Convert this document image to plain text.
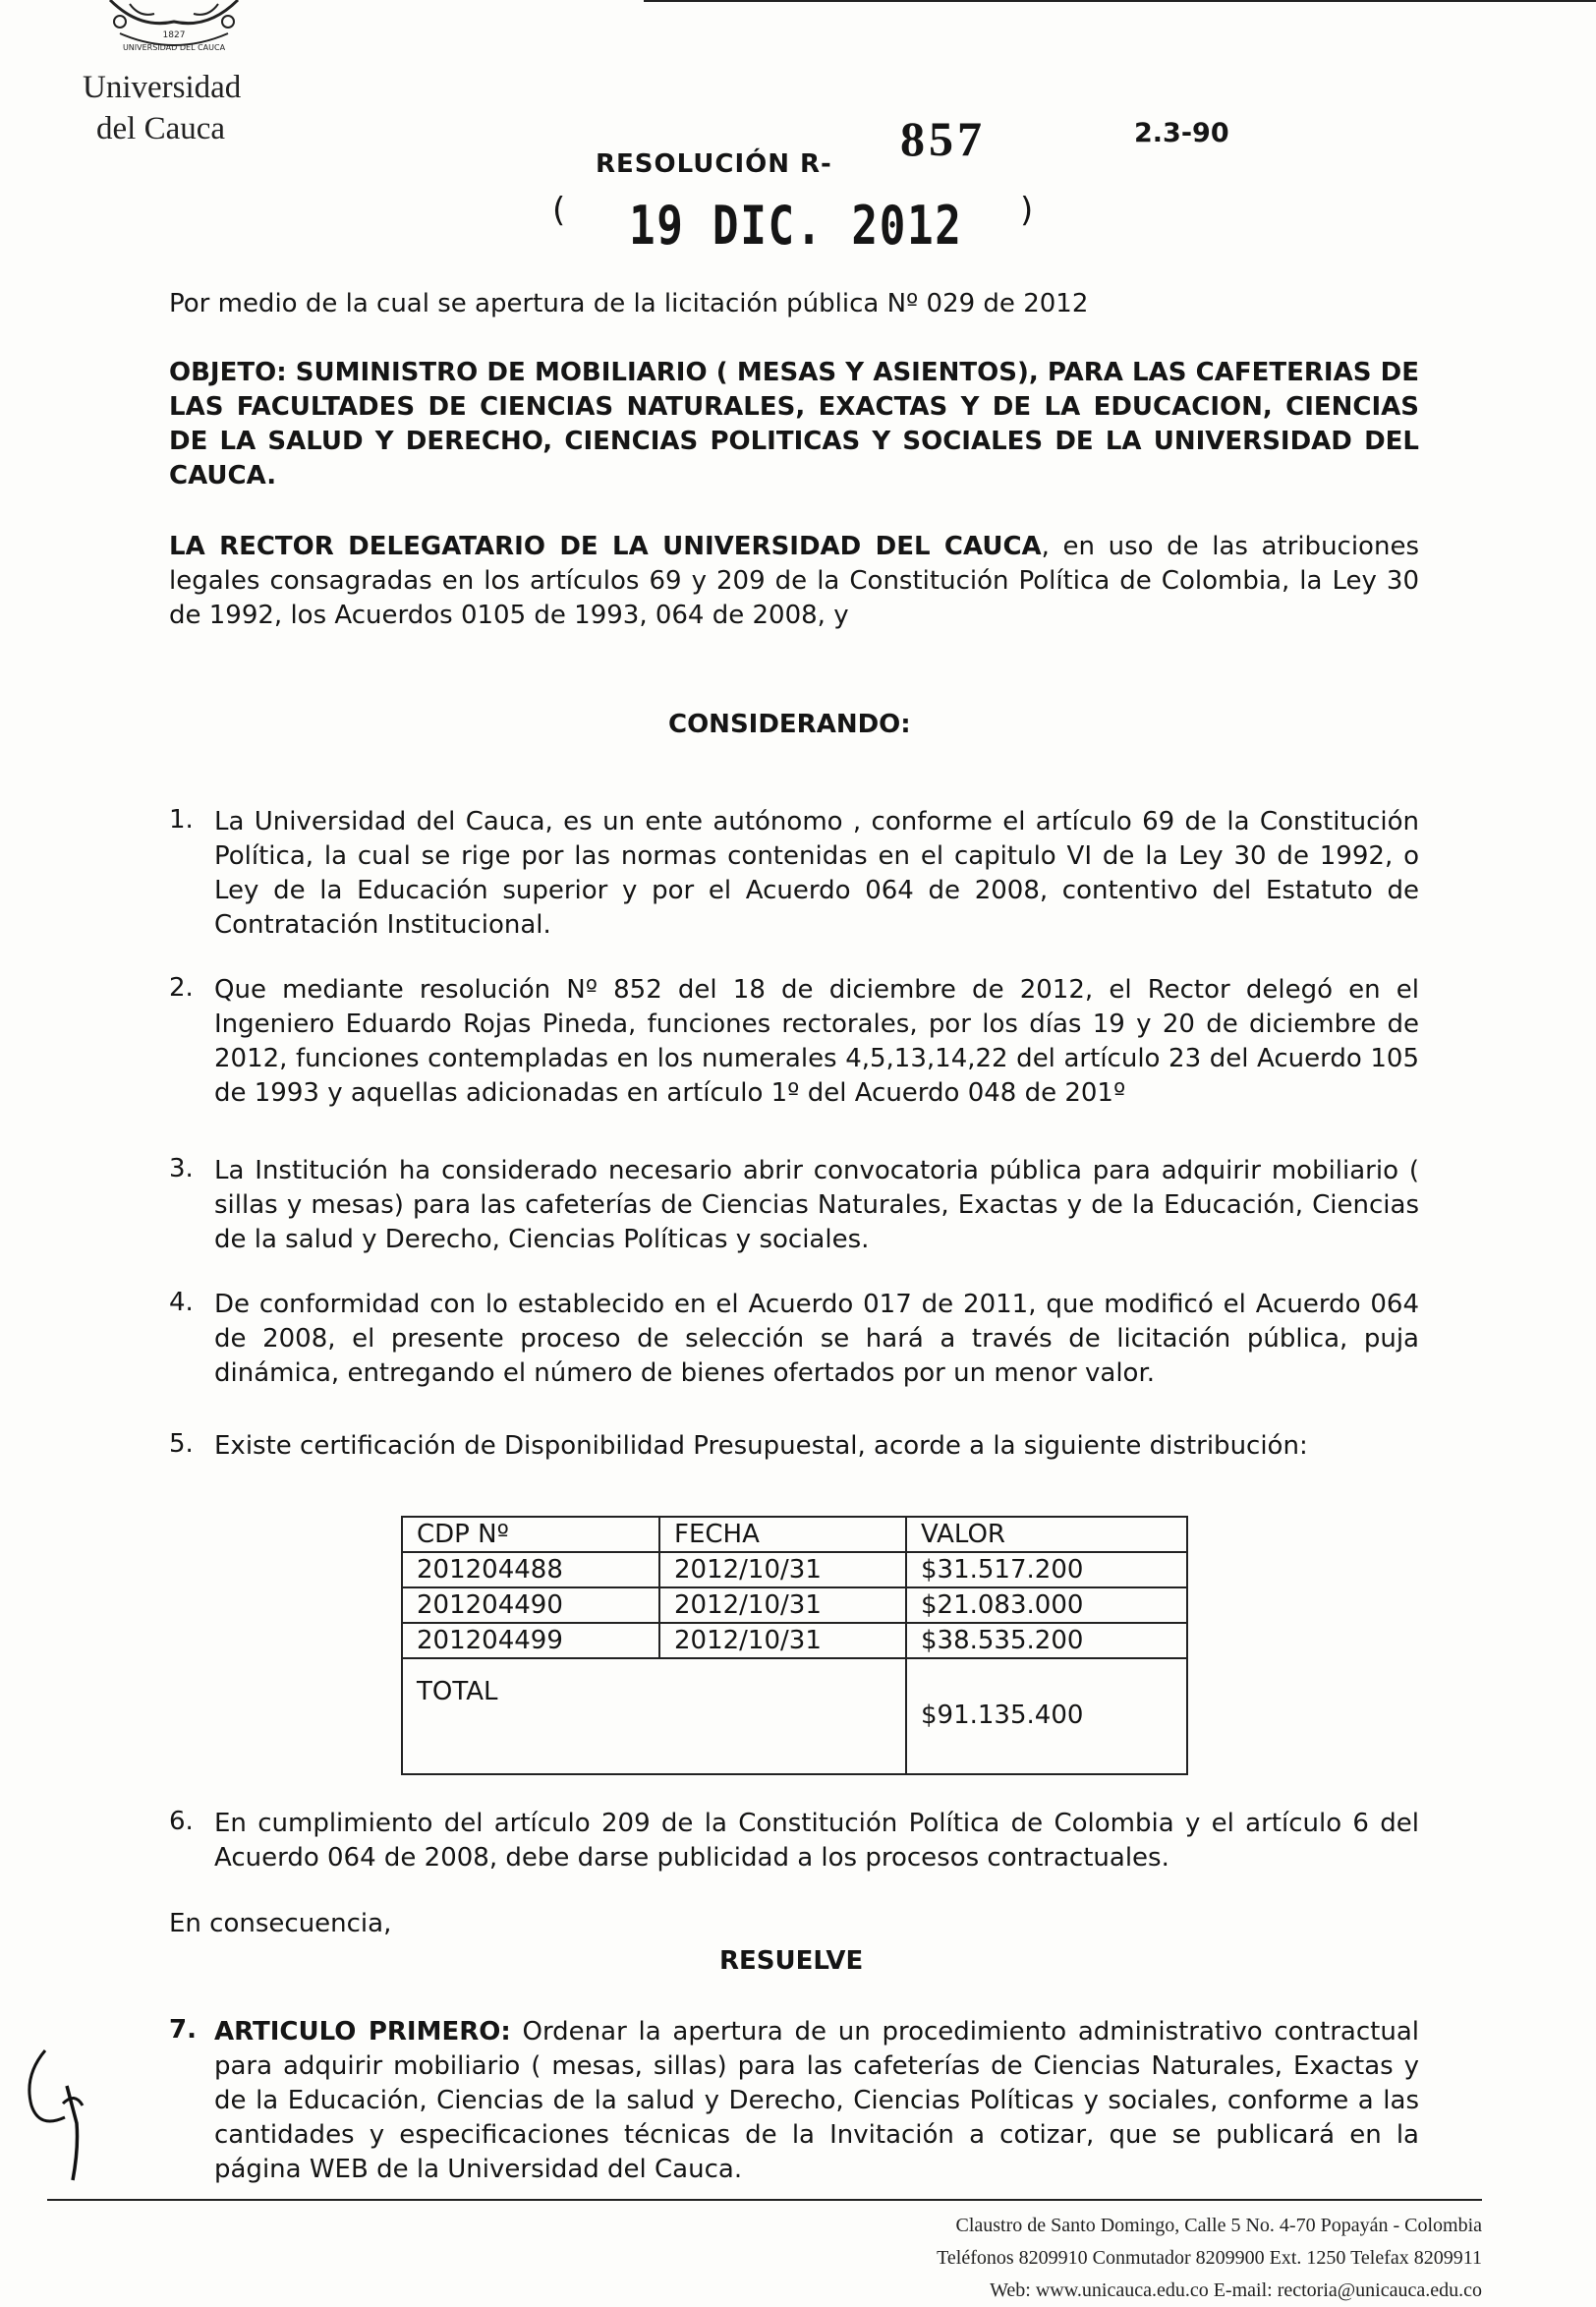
1827
UNIVERSIDAD DEL CAUCA
Universidad
del Cauca	2.3-90
RESOLUCIÓN R- 857
(	)
19 DIC. 2012
Por medio de la cual se apertura de la licitación pública Nº 029 de 2012
OBJETO: SUMINISTRO DE MOBILIARIO ( MESAS Y ASIENTOS), PARA LAS CAFETERIAS DE LAS FACULTADES DE CIENCIAS NATURALES, EXACTAS Y DE LA EDUCACION, CIENCIAS DE LA SALUD Y DERECHO, CIENCIAS POLITICAS Y SOCIALES DE LA UNIVERSIDAD DEL CAUCA.
LA RECTOR DELEGATARIO DE LA UNIVERSIDAD DEL CAUCA, en uso de las atribuciones legales consagradas en los artículos 69 y 209 de la Constitución Política de Colombia, la Ley 30 de 1992, los Acuerdos 0105 de 1993, 064 de 2008, y
CONSIDERANDO:
1. La Universidad del Cauca, es un ente autónomo , conforme el artículo 69 de la Constitución Política, la cual se rige por las normas contenidas en el capitulo VI de la Ley 30 de 1992, o Ley de la Educación superior y por el Acuerdo 064 de 2008, contentivo del Estatuto de Contratación Institucional.
2. Que mediante resolución Nº 852 del 18 de diciembre de 2012, el Rector delegó en el Ingeniero Eduardo Rojas Pineda, funciones rectorales, por los días 19 y 20 de diciembre de 2012, funciones contempladas en los numerales 4,5,13,14,22 del artículo 23 del Acuerdo 105 de 1993 y aquellas adicionadas en artículo 1º del Acuerdo 048 de 201º
3. La Institución ha considerado necesario abrir convocatoria pública para adquirir mobiliario ( sillas y mesas) para las cafeterías de Ciencias Naturales, Exactas y de la Educación, Ciencias de la salud y Derecho, Ciencias Políticas y sociales.
4. De conformidad con lo establecido en el Acuerdo 017 de 2011, que modificó el Acuerdo 064 de 2008, el presente proceso de selección se hará a través de licitación pública, puja dinámica, entregando el número de bienes ofertados por un menor valor.
5. Existe certificación de Disponibilidad Presupuestal, acorde a la siguiente distribución:
CDP Nº	FECHA	VALOR
201204488	2012/10/31	$31.517.200
201204490	2012/10/31	$21.083.000
201204499	2012/10/31	$38.535.200
TOTAL		$91.135.400
6. En cumplimiento del artículo 209 de la Constitución Política de Colombia y el artículo 6 del Acuerdo 064 de 2008, debe darse publicidad a los procesos contractuales.
En consecuencia,
RESUELVE
7. ARTICULO PRIMERO: Ordenar la apertura de un procedimiento administrativo contractual para adquirir mobiliario ( mesas, sillas) para las cafeterías de Ciencias Naturales, Exactas y de la Educación, Ciencias de la salud y Derecho, Ciencias Políticas y sociales, conforme a las cantidades y especificaciones técnicas de la Invitación a cotizar, que se publicará en la página WEB de la Universidad del Cauca.
Claustro de Santo Domingo, Calle 5 No. 4-70 Popayán - Colombia
Teléfonos 8209910 Conmutador 8209900 Ext. 1250 Telefax 8209911
Web: www.unicauca.edu.co E-mail: rectoria@unicauca.edu.co
